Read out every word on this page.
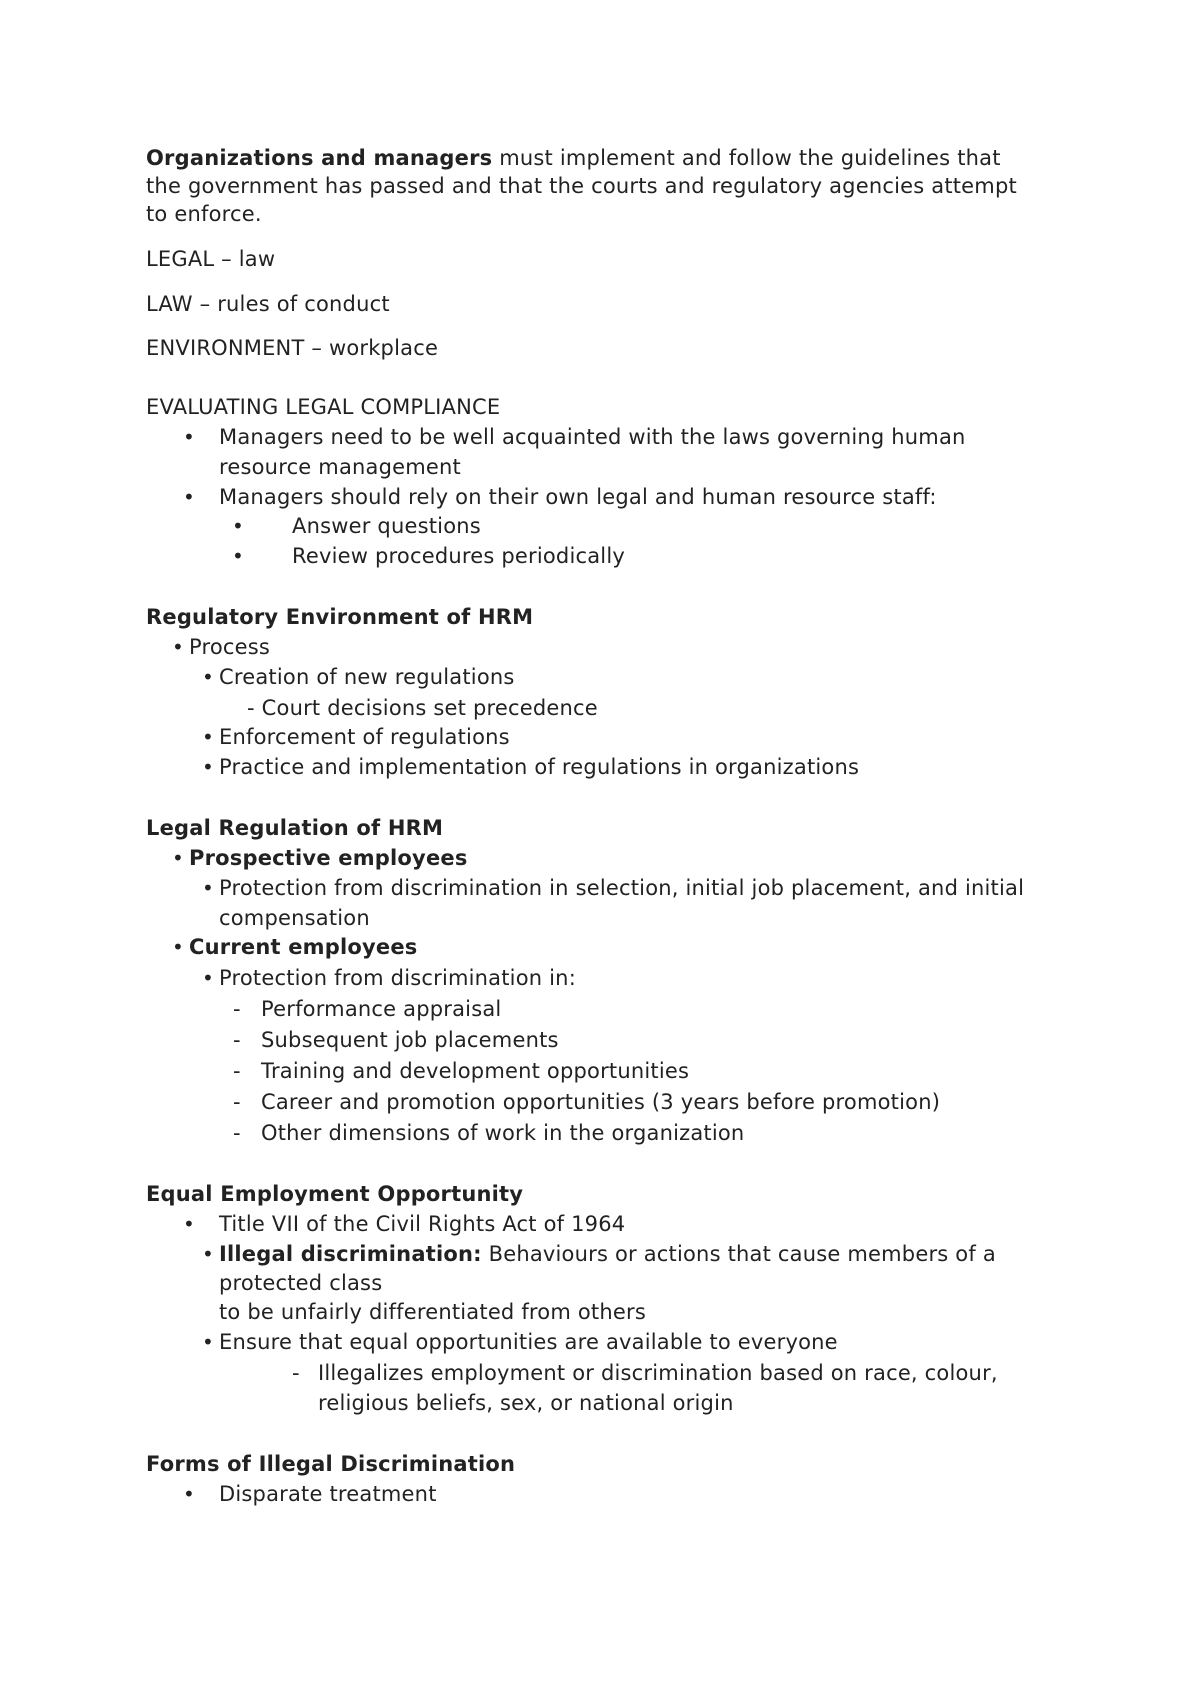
Organizations and managers must implement and follow the guidelines that
the government has passed and that the courts and regulatory agencies attempt
to enforce.
LEGAL – law
LAW – rules of conduct
ENVIRONMENT – workplace
EVALUATING LEGAL COMPLIANCE
• Managers need to be well acquainted with the laws governing human
resource management
• Managers should rely on their own legal and human resource staff:
• Answer questions
• Review procedures periodically
Regulatory Environment of HRM
• Process
• Creation of new regulations
- Court decisions set precedence
• Enforcement of regulations
• Practice and implementation of regulations in organizations
Legal Regulation of HRM
• Prospective employees
• Protection from discrimination in selection, initial job placement, and initial
compensation
• Current employees
• Protection from discrimination in:
- Performance appraisal
- Subsequent job placements
- Training and development opportunities
- Career and promotion opportunities (3 years before promotion)
- Other dimensions of work in the organization
Equal Employment Opportunity
• Title VII of the Civil Rights Act of 1964
• Illegal discrimination: Behaviours or actions that cause members of a
protected class
to be unfairly differentiated from others
• Ensure that equal opportunities are available to everyone
- Illegalizes employment or discrimination based on race, colour,
religious beliefs, sex, or national origin
Forms of Illegal Discrimination
• Disparate treatment
